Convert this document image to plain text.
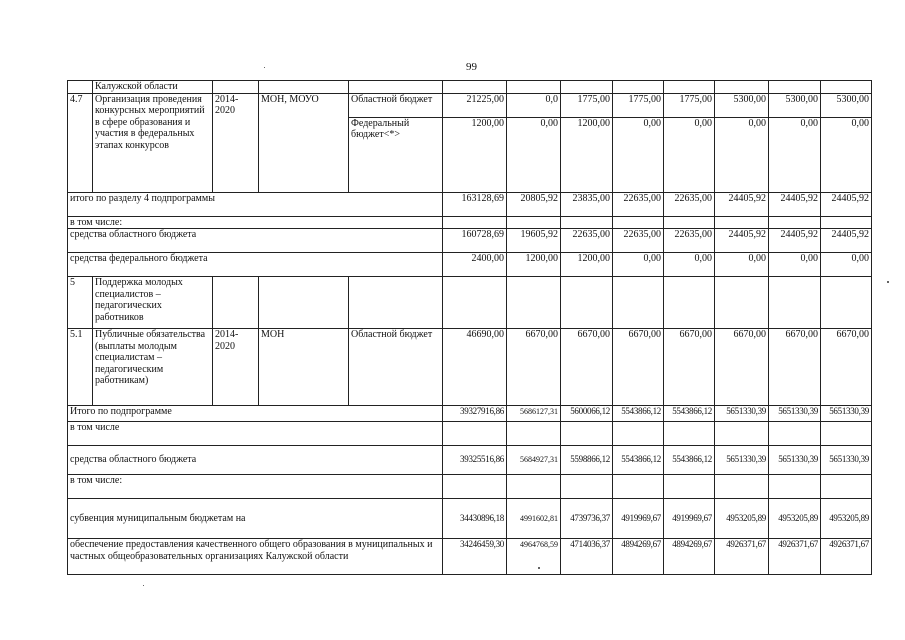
99
	Калужской области											
4.7	Организация проведения конкурсных мероприятий в сфере образования и участия в федеральных этапах конкурсов	2014-2020	МОН, МОУО	Областной бюджет	21225,00	0,0	1775,00	1775,00	1775,00	5300,00	5300,00	5300,00
				Федеральный бюджет<*>	1200,00	0,00	1200,00	0,00	0,00	0,00	0,00	0,00
итого по разделу 4 подпрограммы					163128,69	20805,92	23835,00	22635,00	22635,00	24405,92	24405,92	24405,92
в том числе:												
средства областного бюджета					160728,69	19605,92	22635,00	22635,00	22635,00	24405,92	24405,92	24405,92
средства федерального бюджета					2400,00	1200,00	1200,00	0,00	0,00	0,00	0,00	0,00
5	Поддержка молодых специалистов – педагогических работников											
5.1	Публичные обязательства (выплаты молодым специалистам – педагогическим работникам)	2014-2020	МОН	Областной бюджет	46690,00	6670,00	6670,00	6670,00	6670,00	6670,00	6670,00	6670,00
Итого по подпрограмме					39327916,86	5686127,31	5600066,12	5543866,12	5543866,12	5651330,39	5651330,39	5651330,39
в том числе												
средства областного бюджета					39325516,86	5684927,31	5598866,12	5543866,12	5543866,12	5651330,39	5651330,39	5651330,39
в том числе:												
субвенция муниципальным бюджетам на					34430896,18	4991602,81	4739736,37	4919969,67	4919969,67	4953205,89	4953205,89	4953205,89
обеспечение предоставления качественного общего образования в муниципальных и частных общеобразовательных организациях Калужской области					34246459,30	4964768,59	4714036,37	4894269,67	4894269,67	4926371,67	4926371,67	4926371,67
